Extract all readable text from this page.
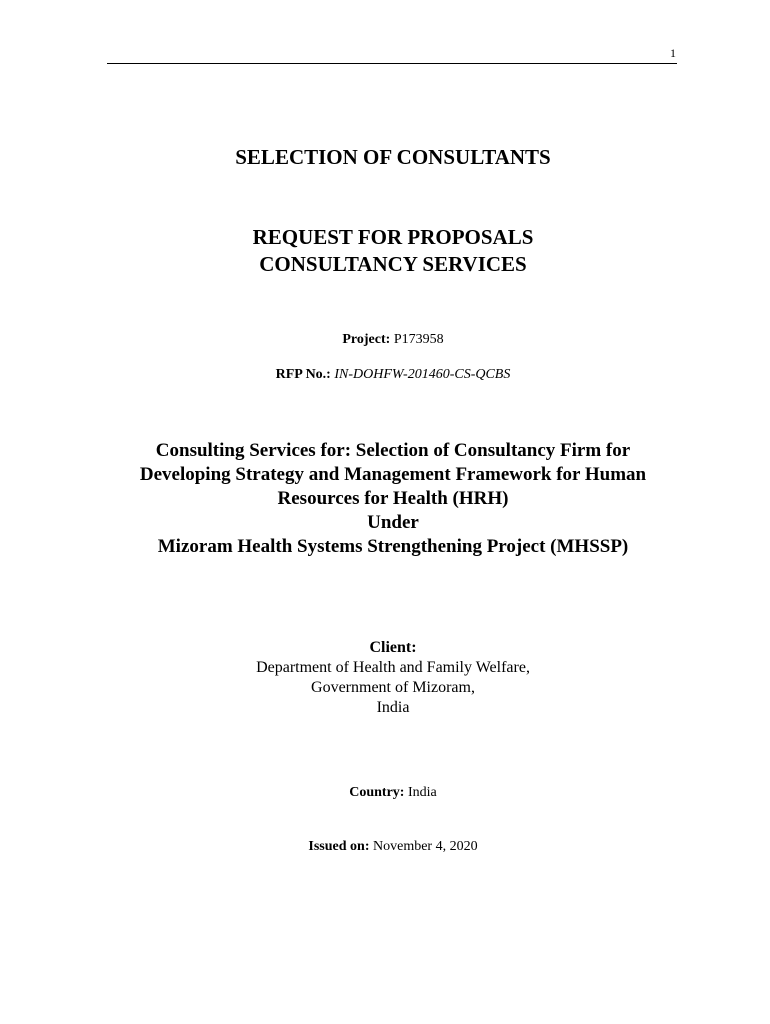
1
SELECTION OF CONSULTANTS
REQUEST FOR PROPOSALS
CONSULTANCY SERVICES
Project: P173958
RFP No.: IN-DOHFW-201460-CS-QCBS
Consulting Services for: Selection of Consultancy Firm for
Developing Strategy and Management Framework for Human
Resources for Health (HRH)
Under
Mizoram Health Systems Strengthening Project (MHSSP)
Client:
Department of Health and Family Welfare,
Government of Mizoram,
India
Country: India
Issued on: November 4, 2020
